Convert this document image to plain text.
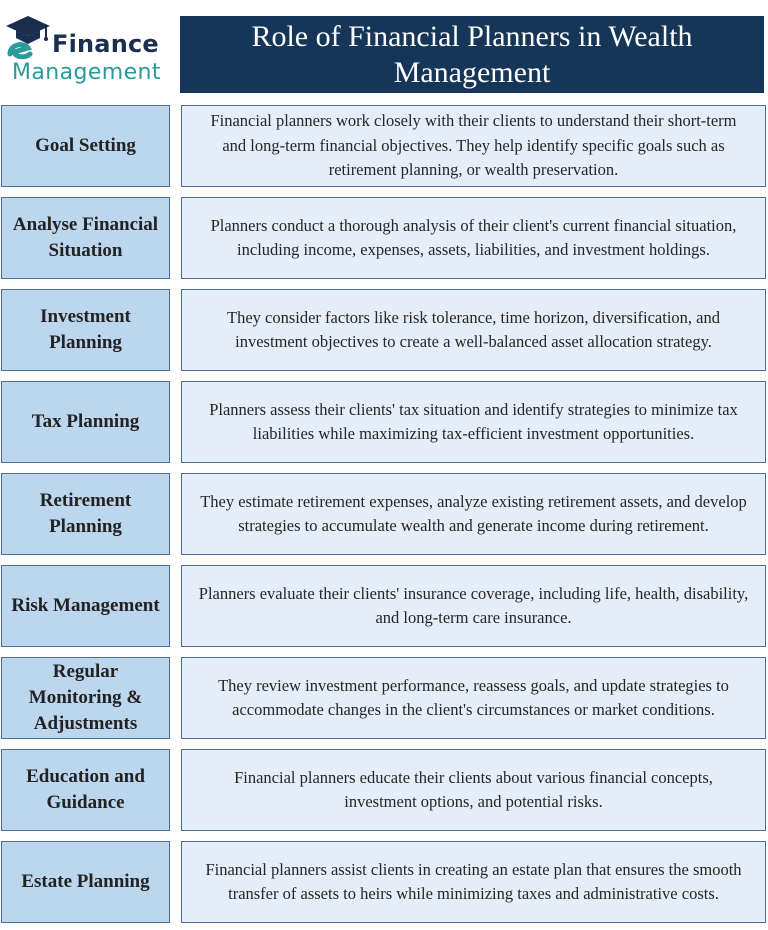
Finance
Management
Role of Financial Planners in Wealth Management
Goal Setting
Financial planners work closely with their clients to understand their short-term and long-term financial objectives. They help identify specific goals such as retirement planning, or wealth preservation.
Analyse Financial Situation
Planners conduct a thorough analysis of their client's current financial situation, including income, expenses, assets, liabilities, and investment holdings.
Investment Planning
They consider factors like risk tolerance, time horizon, diversification, and investment objectives to create a well-balanced asset allocation strategy.
Tax Planning
Planners assess their clients' tax situation and identify strategies to minimize tax liabilities while maximizing tax-efficient investment opportunities.
Retirement Planning
They estimate retirement expenses, analyze existing retirement assets, and develop strategies to accumulate wealth and generate income during retirement.
Risk Management
Planners evaluate their clients' insurance coverage, including life, health, disability, and long-term care insurance.
Regular Monitoring & Adjustments
They review investment performance, reassess goals, and update strategies to accommodate changes in the client's circumstances or market conditions.
Education and Guidance
Financial planners educate their clients about various financial concepts, investment options, and potential risks.
Estate Planning
Financial planners assist clients in creating an estate plan that ensures the smooth transfer of assets to heirs while minimizing taxes and administrative costs.
